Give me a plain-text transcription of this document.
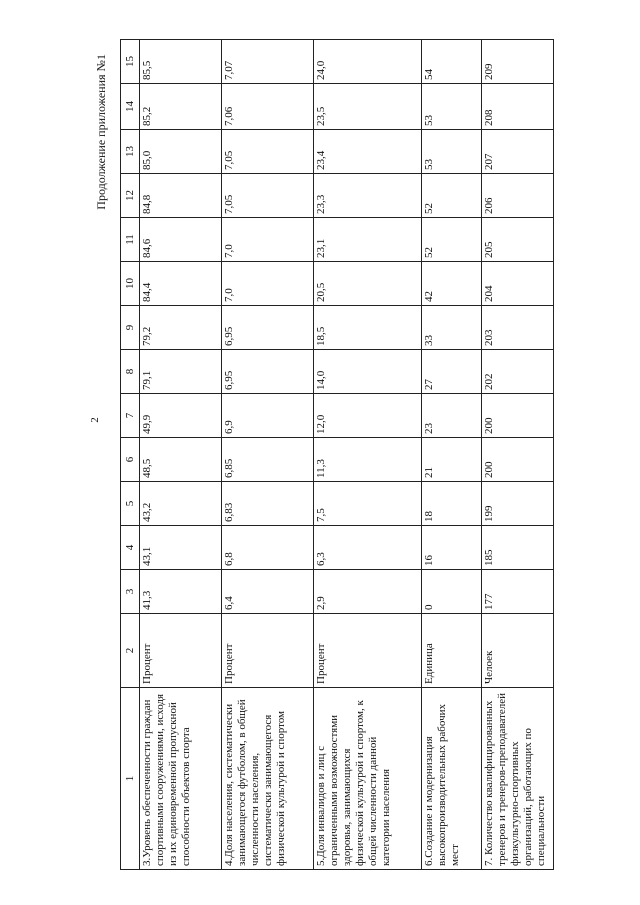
2
Продолжение приложения №1
1	2	3	4	5	6	7	8	9	10	11	12	13	14	15
3.Уровень обеспеченности граждан спортивными сооружениями, исходя из их единовременной пропускной способности объектов спорта	Процент	41,3	43,1	43,2	48,5	49,9	79,1	79,2	84,4	84,6	84,8	85,0	85,2	85,5
4.Доля населения, систематически занимающегося футболом, в общей численности населения, систематически занимающегося физической культурой и спортом	Процент	6,4	6,8	6,83	6,85	6,9	6,95	6,95	7,0	7,0	7,05	7,05	7,06	7,07
5.Доля инвалидов и лиц с ограниченными возможностями здоровья, занимающихся физической культурой и спортом, к общей численности данной категории населения	Процент	2,9	6,3	7,5	11,3	12,0	14,0	18,5	20,5	23,1	23,3	23,4	23,5	24,0
6.Создание и модернизация высокопроизводительных рабочих мест	Единица	0	16	18	21	23	27	33	42	52	52	53	53	54
7. Количество квалифицированных тренеров и тренеров-преподавателей физкультурно-спортивных организаций, работающих по специальности	Челоек	177	185	199	200	200	202	203	204	205	206	207	208	209
